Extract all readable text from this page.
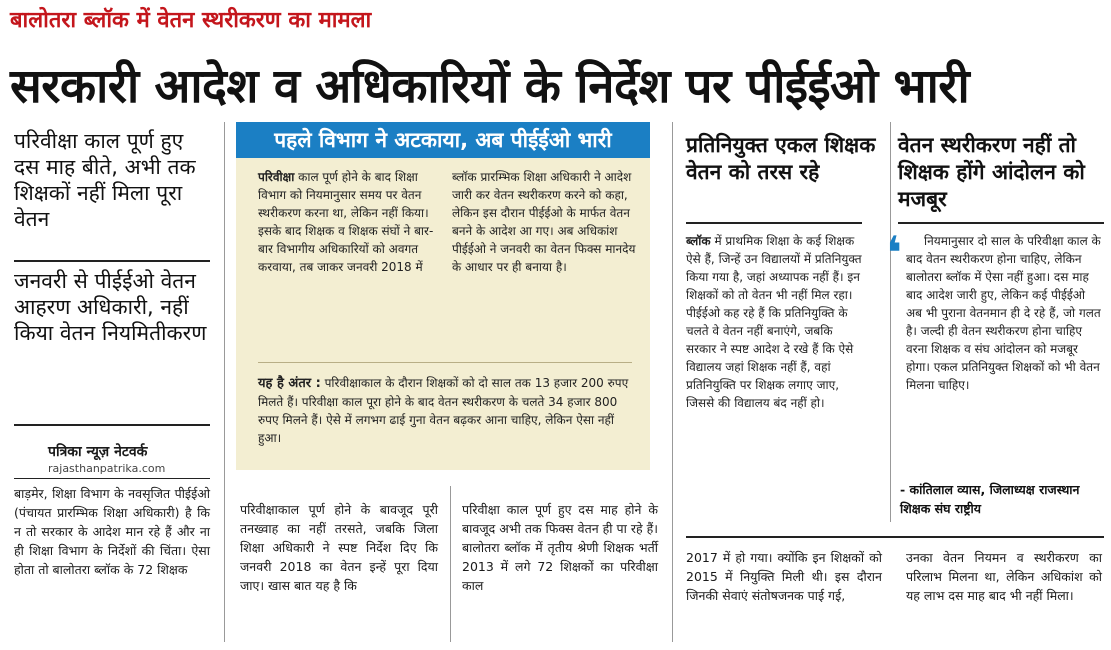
बालोतरा ब्लॉक में वेतन स्थरीकरण का मामला
सरकारी आदेश व अधिकारियों के निर्देश पर पीईईओ भारी
परिवीक्षा काल पूर्ण हुए दस माह बीते, अभी तक शिक्षकों नहीं मिला पूरा वेतन
जनवरी से पीईईओ वेतन आहरण अधिकारी, नहीं किया वेतन नियमितीकरण
पत्रिका न्यूज़ नेटवर्क
rajasthanpatrika.com
बाड़मेर, शिक्षा विभाग के नवसृजित पीईईओ (पंचायत प्रारम्भिक शिक्षा अधिकारी) है कि न तो सरकार के आदेश मान रहे हैं और ना ही शिक्षा विभाग के निर्देशों की चिंता। ऐसा होता तो बालोतरा ब्लॉक के 72 शिक्षक
परिवीक्षाकाल पूर्ण होने के बावजूद पूरी तनख्वाह का नहीं तरसते, जबकि जिला शिक्षा अधिकारी ने स्पष्ट निर्देश दिए कि जनवरी 2018 का वेतन इन्हें पूरा दिया जाए। खास बात यह है कि
परिवीक्षा काल पूर्ण हुए दस माह होने के बावजूद अभी तक फिक्स वेतन ही पा रहे हैं। बालोतरा ब्लॉक में तृतीय श्रेणी शिक्षक भर्ती 2013 में लगे 72 शिक्षकों का परिवीक्षा काल
2017 में हो गया। क्योंकि इन शिक्षकों को 2015 में नियुक्ति मिली थी। इस दौरान जिनकी सेवाएं संतोषजनक पाई गई,
उनका वेतन नियमन व स्थरीकरण का परिलाभ मिलना था, लेकिन अधिकांश को यह लाभ दस माह बाद भी नहीं मिला।
पहले विभाग ने अटकाया, अब पीईईओ भारी
परिवीक्षा काल पूर्ण होने के बाद शिक्षा विभाग को नियमानुसार समय पर वेतन स्थरीकरण करना था, लेकिन नहीं किया। इसके बाद शिक्षक व शिक्षक संघों ने बार-बार विभागीय अधिकारियों को अवगत करवाया, तब जाकर जनवरी 2018 में
ब्लॉक प्रारम्भिक शिक्षा अधिकारी ने आदेश जारी कर वेतन स्थरीकरण करने को कहा, लेकिन इस दौरान पीईईओ के मार्फत वेतन बनने के आदेश आ गए। अब अधिकांश पीईईओ ने जनवरी का वेतन फिक्स मानदेय के आधार पर ही बनाया है।
यह है अंतर : परिवीक्षाकाल के दौरान शिक्षकों को दो साल तक 13 हजार 200 रुपए मिलते हैं। परिवीक्षा काल पूरा होने के बाद वेतन स्थरीकरण के चलते 34 हजार 800 रुपए मिलने हैं। ऐसे में लगभग ढाई गुना वेतन बढ़कर आना चाहिए, लेकिन ऐसा नहीं हुआ।
प्रतिनियुक्त एकल शिक्षक वेतन को तरस रहे
ब्लॉक में प्राथमिक शिक्षा के कई शिक्षक ऐसे हैं, जिन्हें उन विद्यालयों में प्रतिनियुक्त किया गया है, जहां अध्यापक नहीं हैं। इन शिक्षकों को तो वेतन भी नहीं मिल रहा। पीईईओ कह रहे हैं कि प्रतिनियुक्ति के चलते वे वेतन नहीं बनाएंगे, जबकि सरकार ने स्पष्ट आदेश दे रखे हैं कि ऐसे विद्यालय जहां शिक्षक नहीं हैं, वहां प्रतिनियुक्ति पर शिक्षक लगाए जाए, जिससे की विद्यालय बंद नहीं हो।
वेतन स्थरीकरण नहीं तो शिक्षक होंगे आंदोलन को मजबूर
❛	नियमानुसार दो साल के परिवीक्षा काल के बाद वेतन स्थरीकरण होना चाहिए, लेकिन बालोतरा ब्लॉक में ऐसा नहीं हुआ। दस माह बाद आदेश जारी हुए, लेकिन कई पीईईओ अब भी पुराना वेतनमान ही दे रहे हैं, जो गलत है। जल्दी ही वेतन स्थरीकरण होना चाहिए वरना शिक्षक व संघ आंदोलन को मजबूर होगा। एकल प्रतिनियुक्त शिक्षकों को भी वेतन मिलना चाहिए।
- कांतिलाल व्यास, जिलाध्यक्ष राजस्थान शिक्षक संघ राष्ट्रीय
